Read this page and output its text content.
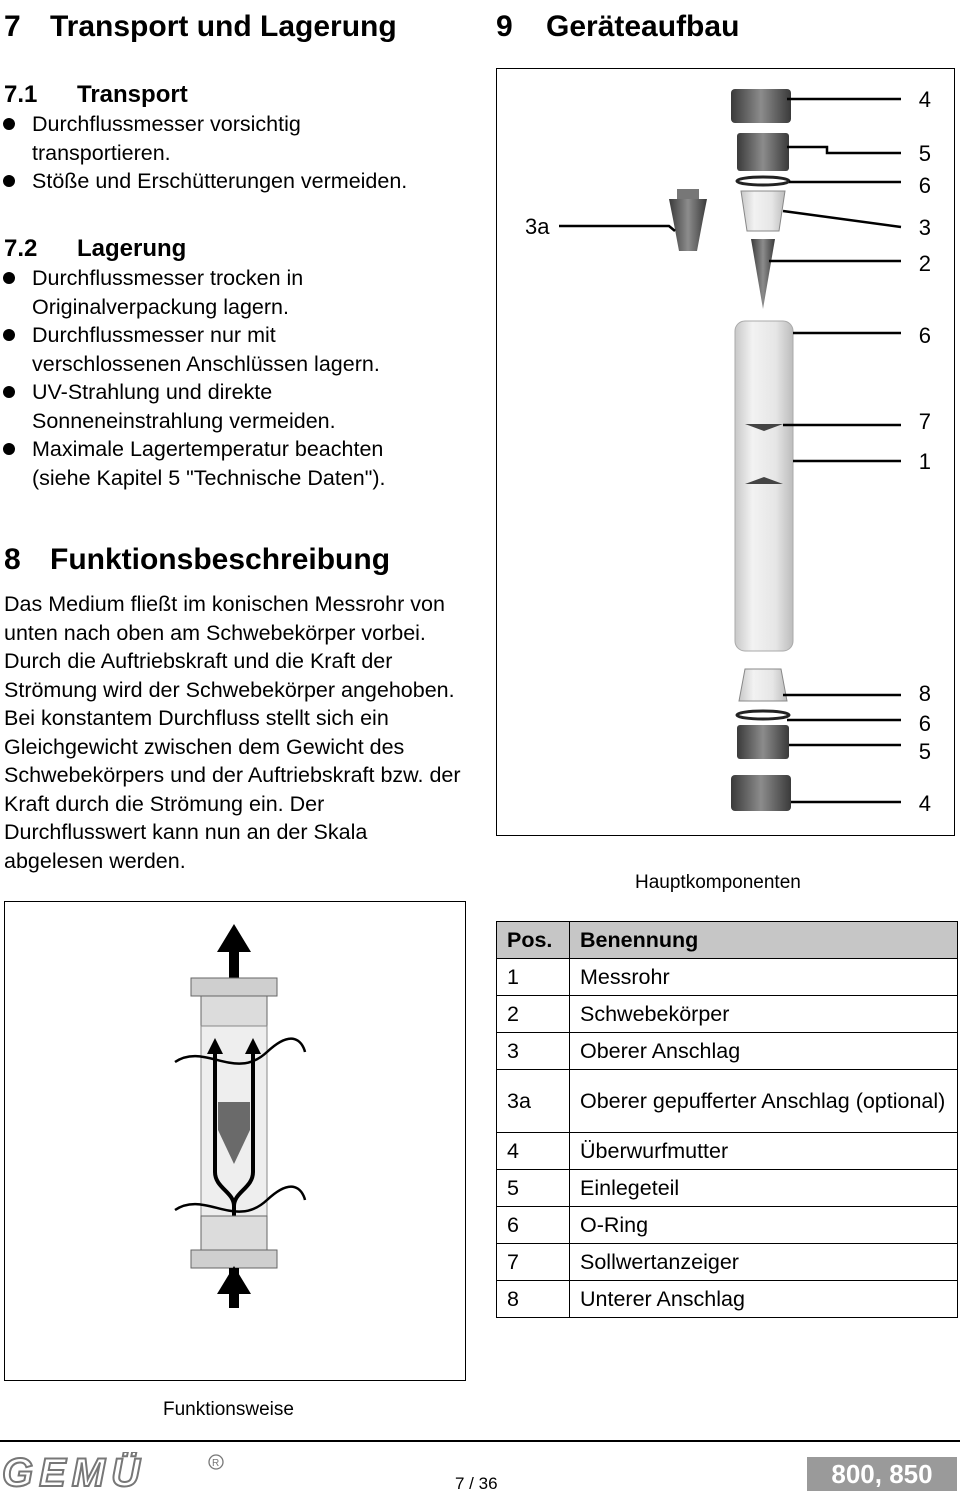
7 Transport und Lagerung
7.1 Transport
Durchflussmesser vorsichtig transportieren.
Stöße und Erschütterungen vermeiden.
7.2 Lagerung
Durchflussmesser trocken in Originalverpackung lagern.
Durchflussmesser nur mit verschlossenen Anschlüssen lagern.
UV-Strahlung und direkte Sonneneinstrahlung vermeiden.
Maximale Lagertemperatur beachten (siehe Kapitel 5 "Technische Daten").
8 Funktionsbeschreibung

Das Medium fließt im konischen Messrohr von unten nach oben am Schwebekörper vorbei. Durch die Auftriebskraft und die Kraft der Strömung wird der Schwebekörper angehoben. Bei konstantem Durchfluss stellt sich ein Gleichgewicht zwischen dem Gewicht des Schwebekörpers und der Auftriebskraft bzw. der Kraft durch die Strömung ein. Der Durchflusswert kann nun an der Skala abgelesen werden.

9 Geräteaufbau
4
5
6
3
2
6
7
1
3a
8
6
5
4
Hauptkomponenten
Funktionsweise
Pos.	Benennung
1	Messrohr
2	Schwebekörper
3	Oberer Anschlag
3a	Oberer gepufferter Anschlag (optional)
4	Überwurfmutter
5	Einlegeteil
6	O-Ring
7	Sollwertanzeiger
8	Unterer Anschlag
GEMÜ	R
7 / 36	800, 850
